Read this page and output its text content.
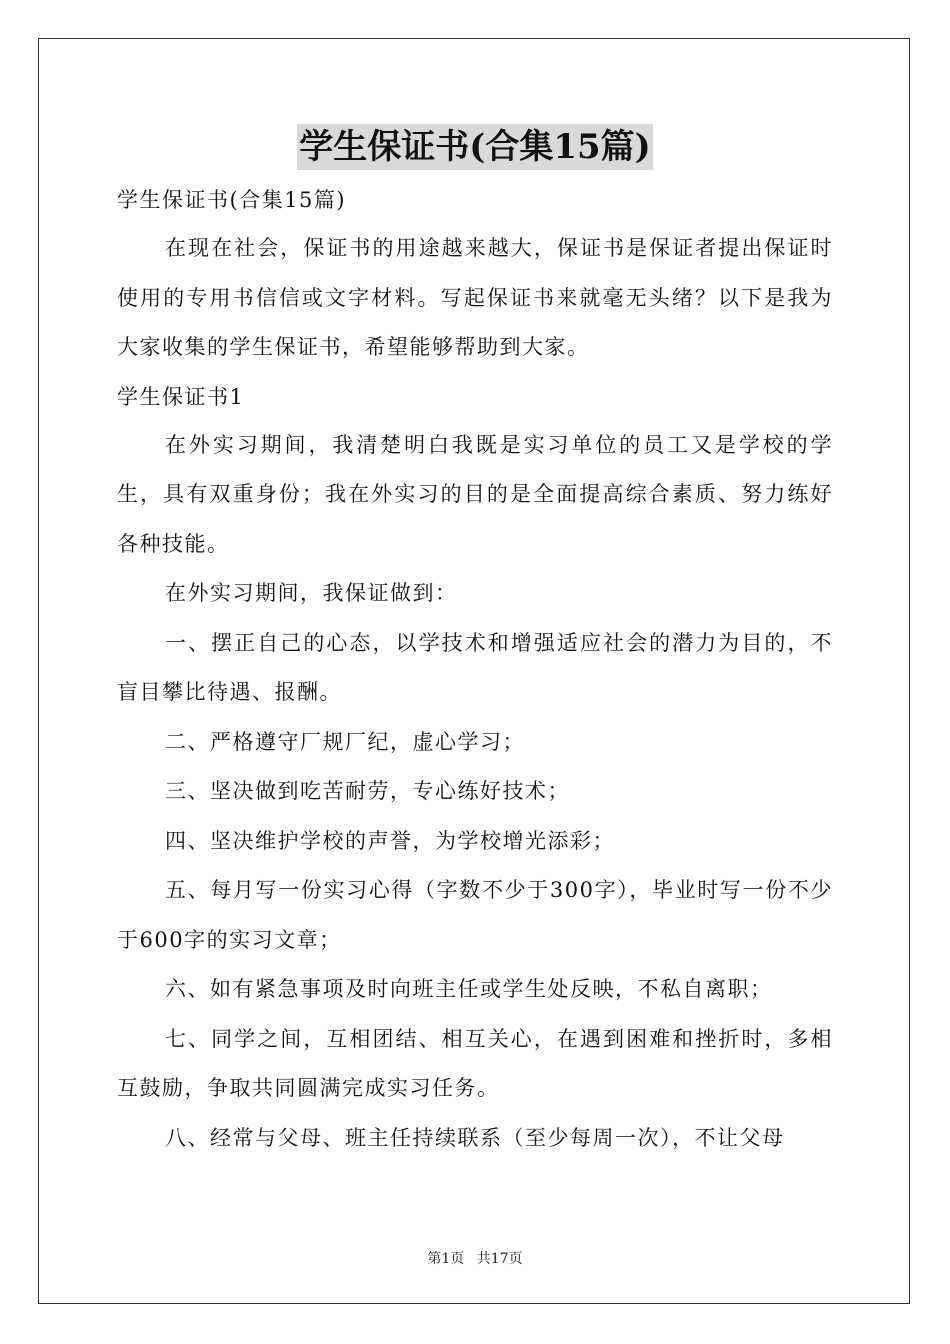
学生保证书(合集15篇)

学生保证书(合集15篇)

在现在社会，保证书的用途越来越大，保证书是保证者提出保证时使用的专用书信信或文字材料。写起保证书来就毫无头绪？以下是我为大家收集的学生保证书，希望能够帮助到大家。

学生保证书1

在外实习期间，我清楚明白我既是实习单位的员工又是学校的学生，具有双重身份；我在外实习的目的是全面提高综合素质、努力练好各种技能。

在外实习期间，我保证做到：

一、摆正自己的心态，以学技术和增强适应社会的潜力为目的，不盲目攀比待遇、报酬。

二、严格遵守厂规厂纪，虚心学习；

三、坚决做到吃苦耐劳，专心练好技术；

四、坚决维护学校的声誉，为学校增光添彩；

五、每月写一份实习心得（字数不少于300字），毕业时写一份不少于600字的实习文章；

六、如有紧急事项及时向班主任或学生处反映，不私自离职；

七、同学之间，互相团结、相互关心，在遇到困难和挫折时，多相互鼓励，争取共同圆满完成实习任务。

八、经常与父母、班主任持续联系（至少每周一次），不让父母

第1页 共17页
